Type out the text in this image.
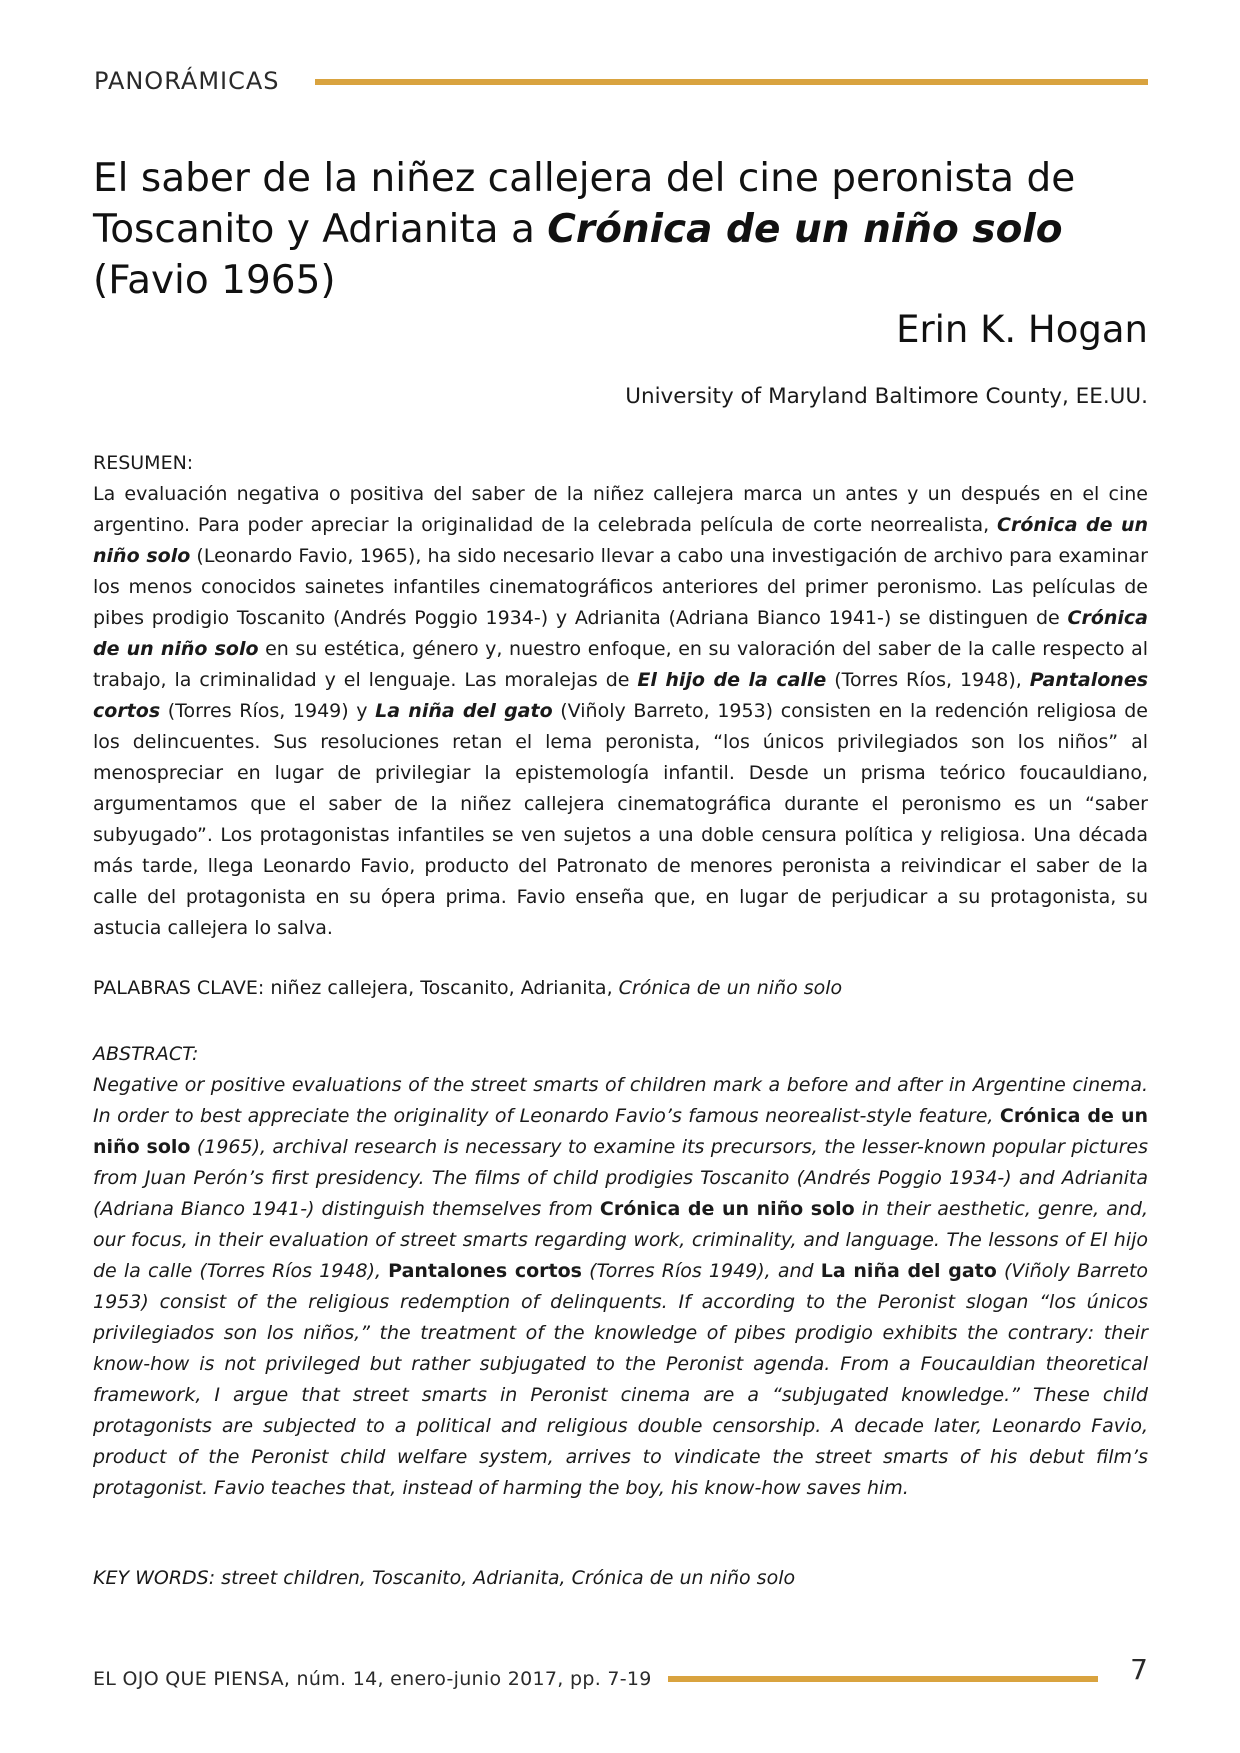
PANORÁMICAS
El saber de la niñez callejera del cine peronista de
Toscanito y Adrianita a Crónica de un niño solo
(Favio 1965)
Erin K. Hogan
University of Maryland Baltimore County, EE.UU.
RESUMEN:
La evaluación negativa o positiva del saber de la niñez callejera marca un antes y un después en el cine argentino. Para poder apreciar la originalidad de la celebrada película de corte neorrealista, Crónica de un niño solo (Leonardo Favio, 1965), ha sido necesario llevar a cabo una investigación de archivo para examinar los menos conocidos sainetes infantiles cinematográficos anteriores del primer peronismo. Las películas de pibes prodigio Toscanito (Andrés Poggio 1934-) y Adrianita (Adriana Bianco 1941-) se distinguen de Crónica de un niño solo en su estética, género y, nuestro enfoque, en su valoración del saber de la calle respecto al trabajo, la criminalidad y el lenguaje. Las moralejas de El hijo de la calle (Torres Ríos, 1948), Pantalones cortos (Torres Ríos, 1949) y La niña del gato (Viñoly Barreto, 1953) consisten en la redención religiosa de los delincuentes. Sus resoluciones retan el lema peronista, “los únicos privilegiados son los niños” al menospreciar en lugar de privilegiar la epistemología infantil. Desde un prisma teórico foucauldiano, argumentamos que el saber de la niñez callejera cinematográfica durante el peronismo es un “saber subyugado”. Los protagonistas infantiles se ven sujetos a una doble censura política y religiosa. Una década más tarde, llega Leonardo Favio, producto del Patronato de menores peronista a reivindicar el saber de la calle del protagonista en su ópera prima. Favio enseña que, en lugar de perjudicar a su protagonista, su astucia callejera lo salva.
PALABRAS CLAVE: niñez callejera, Toscanito, Adrianita, Crónica de un niño solo
ABSTRACT:
Negative or positive evaluations of the street smarts of children mark a before and after in Argentine cinema. In order to best appreciate the originality of Leonardo Favio’s famous neorealist-style feature, Crónica de un niño solo (1965), archival research is necessary to examine its precursors, the lesser-known popular pictures from Juan Perón’s first presidency. The films of child prodigies Toscanito (Andrés Poggio 1934-) and Adrianita (Adriana Bianco 1941-) distinguish themselves from Crónica de un niño solo in their aesthetic, genre, and, our focus, in their evaluation of street smarts regarding work, criminality, and language. The lessons of El hijo de la calle (Torres Ríos 1948), Pantalones cortos (Torres Ríos 1949), and La niña del gato (Viñoly Barreto 1953) consist of the religious redemption of delinquents. If according to the Peronist slogan “los únicos privilegiados son los niños,” the treatment of the knowledge of pibes prodigio exhibits the contrary: their know-how is not privileged but rather subjugated to the Peronist agenda. From a Foucauldian theoretical framework, I argue that street smarts in Peronist cinema are a “subjugated knowledge.” These child protagonists are subjected to a political and religious double censorship. A decade later, Leonardo Favio, product of the Peronist child welfare system, arrives to vindicate the street smarts of his debut film’s protagonist. Favio teaches that, instead of harming the boy, his know-how saves him.
KEY WORDS: street children, Toscanito, Adrianita, Crónica de un niño solo
EL OJO QUE PIENSA, núm. 14, enero-junio 2017, pp. 7-19	7
